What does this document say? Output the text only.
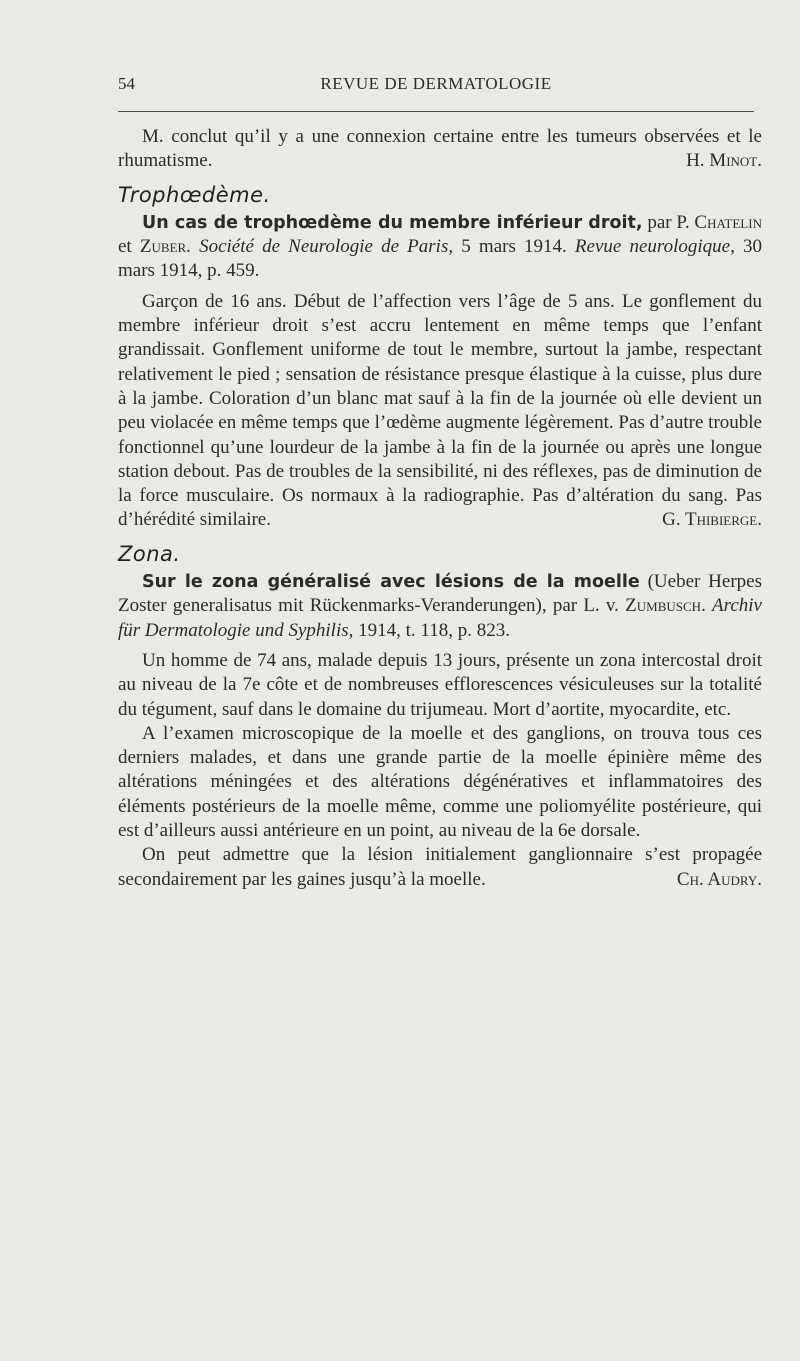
54	REVUE DE DERMATOLOGIE

M. conclut qu’il y a une connexion certaine entre les tumeurs observées et le rhumatisme.	H. Minot.

Trophœdème.

Un cas de trophœdème du membre inférieur droit, par P. Chatelin et Zuber. Société de Neurologie de Paris, 5 mars 1914. Revue neurologique, 30 mars 1914, p. 459.

Garçon de 16 ans. Début de l’affection vers l’âge de 5 ans. Le gonflement du membre inférieur droit s’est accru lentement en même temps que l’enfant grandissait. Gonflement uniforme de tout le membre, surtout la jambe, respectant relativement le pied ; sensation de résistance presque élastique à la cuisse, plus dure à la jambe. Coloration d’un blanc mat sauf à la fin de la journée où elle devient un peu violacée en même temps que l’œdème augmente légèrement. Pas d’autre trouble fonctionnel qu’une lourdeur de la jambe à la fin de la journée ou après une longue station debout. Pas de troubles de la sensibilité, ni des réflexes, pas de diminution de la force musculaire. Os normaux à la radiographie. Pas d’altération du sang. Pas d’hérédité similaire.	G. Thibierge.

Zona.

Sur le zona généralisé avec lésions de la moelle (Ueber Herpes Zoster generalisatus mit Rückenmarks-Veranderungen), par L. v. Zumbusch. Archiv für Dermatologie und Syphilis, 1914, t. 118, p. 823.

Un homme de 74 ans, malade depuis 13 jours, présente un zona intercostal droit au niveau de la 7e côte et de nombreuses efflorescences vésiculeuses sur la totalité du tégument, sauf dans le domaine du trijumeau. Mort d’aortite, myocardite, etc.

A l’examen microscopique de la moelle et des ganglions, on trouva tous ces derniers malades, et dans une grande partie de la moelle épinière même des altérations méningées et des altérations dégénératives et inflammatoires des éléments postérieurs de la moelle même, comme une poliomyélite postérieure, qui est d’ailleurs aussi antérieure en un point, au niveau de la 6e dorsale.

On peut admettre que la lésion initialement ganglionnaire s’est propagée secondairement par les gaines jusqu’à la moelle.	Ch. Audry.
